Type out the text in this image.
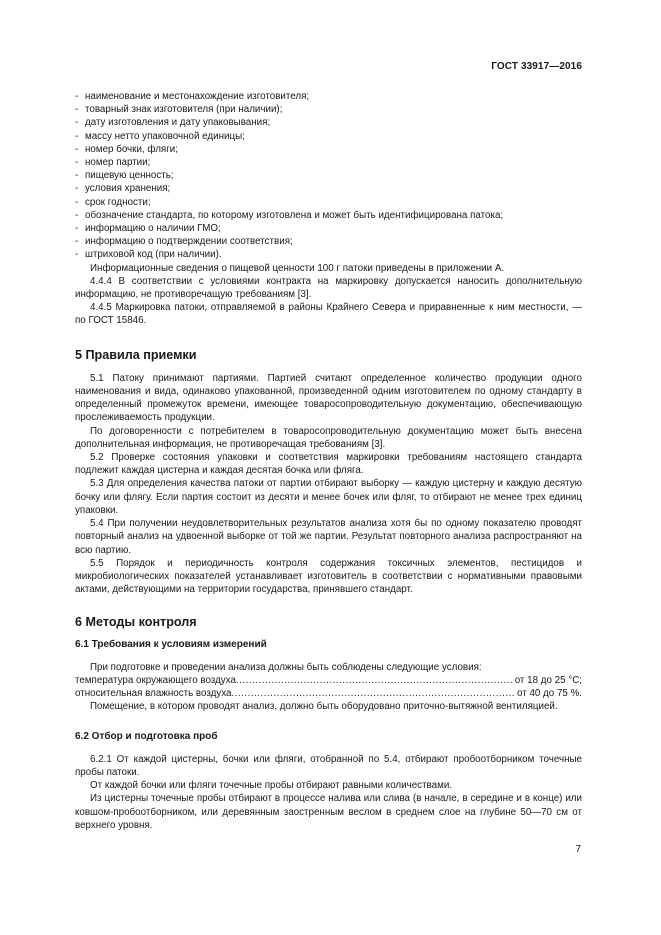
ГОСТ 33917—2016
- наименование и местонахождение изготовителя;
- товарный знак изготовителя (при наличии);
- дату изготовления и дату упаковывания;
- массу нетто упаковочной единицы;
- номер бочки, фляги;
- номер партии;
- пищевую ценность;
- условия хранения;
- срок годности;
- обозначение стандарта, по которому изготовлена и может быть идентифицирована патока;
- информацию о наличии ГМО;
- информацию о подтверждении соответствия;
- штриховой код (при наличии).

Информационные сведения о пищевой ценности 100 г патоки приведены в приложении А.

4.4.4 В соответствии с условиями контракта на маркировку допускается наносить дополнительную информацию, не противоречащую требованиям [3].

4.4.5 Маркировка патоки, отправляемой в районы Крайнего Севера и приравненные к ним местности, — по ГОСТ 15846.

5 Правила приемки

5.1 Патоку принимают партиями. Партией считают определенное количество продукции одного наименования и вида, одинаково упакованной, произведенной одним изготовителем по одному стандарту в определенный промежуток времени, имеющее товаросопроводительную документацию, обеспечивающую прослеживаемость продукции.

По договоренности с потребителем в товаросопроводительную документацию может быть внесена дополнительная информация, не противоречащая требованиям [3].

5.2 Проверке состояния упаковки и соответствия маркировки требованиям настоящего стандарта подлежит каждая цистерна и каждая десятая бочка или фляга.

5.3 Для определения качества патоки от партии отбирают выборку — каждую цистерну и каждую десятую бочку или флягу. Если партия состоит из десяти и менее бочек или фляг, то отбирают не менее трех единиц упаковки.

5.4 При получении неудовлетворительных результатов анализа хотя бы по одному показателю проводят повторный анализ на удвоенной выборке от той же партии. Результат повторного анализа распространяют на всю партию.

5.5 Порядок и периодичность контроля содержания токсичных элементов, пестицидов и микробиологических показателей устанавливает изготовитель в соответствии с нормативными правовыми актами, действующими на территории государства, принявшего стандарт.

6 Методы контроля
6.1 Требования к условиям измерений

При подготовке и проведении анализа должны быть соблюдены следующие условия:

температура окружающего воздуха .....	от 18 до 25 °С;
относительная влажность воздуха .....	от 40 до 75 %.

Помещение, в котором проводят анализ, должно быть оборудовано приточно-вытяжной вентиляцией.

6.2 Отбор и подготовка проб

6.2.1 От каждой цистерны, бочки или фляги, отобранной по 5.4, отбирают пробоотборником точечные пробы патоки.

От каждой бочки или фляги точечные пробы отбирают равными количествами.

Из цистерны точечные пробы отбирают в процессе налива или слива (в начале, в середине и в конце) или ковшом-пробоотборником, или деревянным заостренным веслом в среднем слое на глубине 50—70 см от верхнего уровня.

7
